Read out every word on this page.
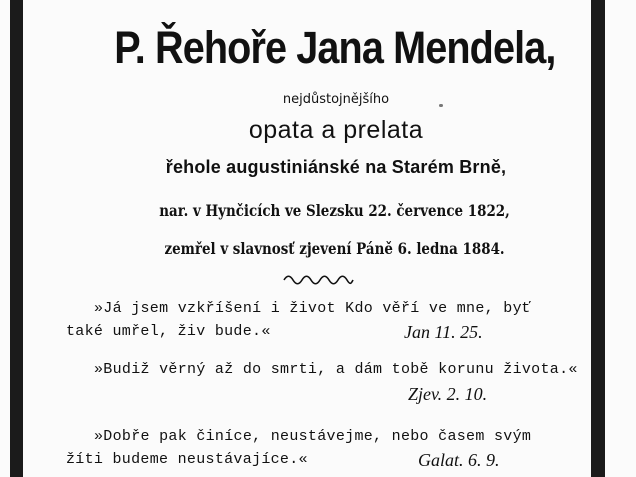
P. Řehoře Jana Mendela,
nejdůstojnějšího
opata a prelata
řehole augustiniánské na Starém Brně,
nar. v Hynčicích ve Slezsku 22. července 1822,
zemřel v slavnosť zjevení Páně 6. ledna 1884.
»Já jsem vzkříšení i život Kdo věří ve mne, byť
také umřel, živ bude.«	Jan 11. 25.
»Budiž věrný až do smrti, a dám tobě korunu života.«
Zjev. 2. 10.
»Dobře pak činíce, neustávejme, nebo časem svým
žíti budeme neustávajíce.«	Galat. 6. 9.
